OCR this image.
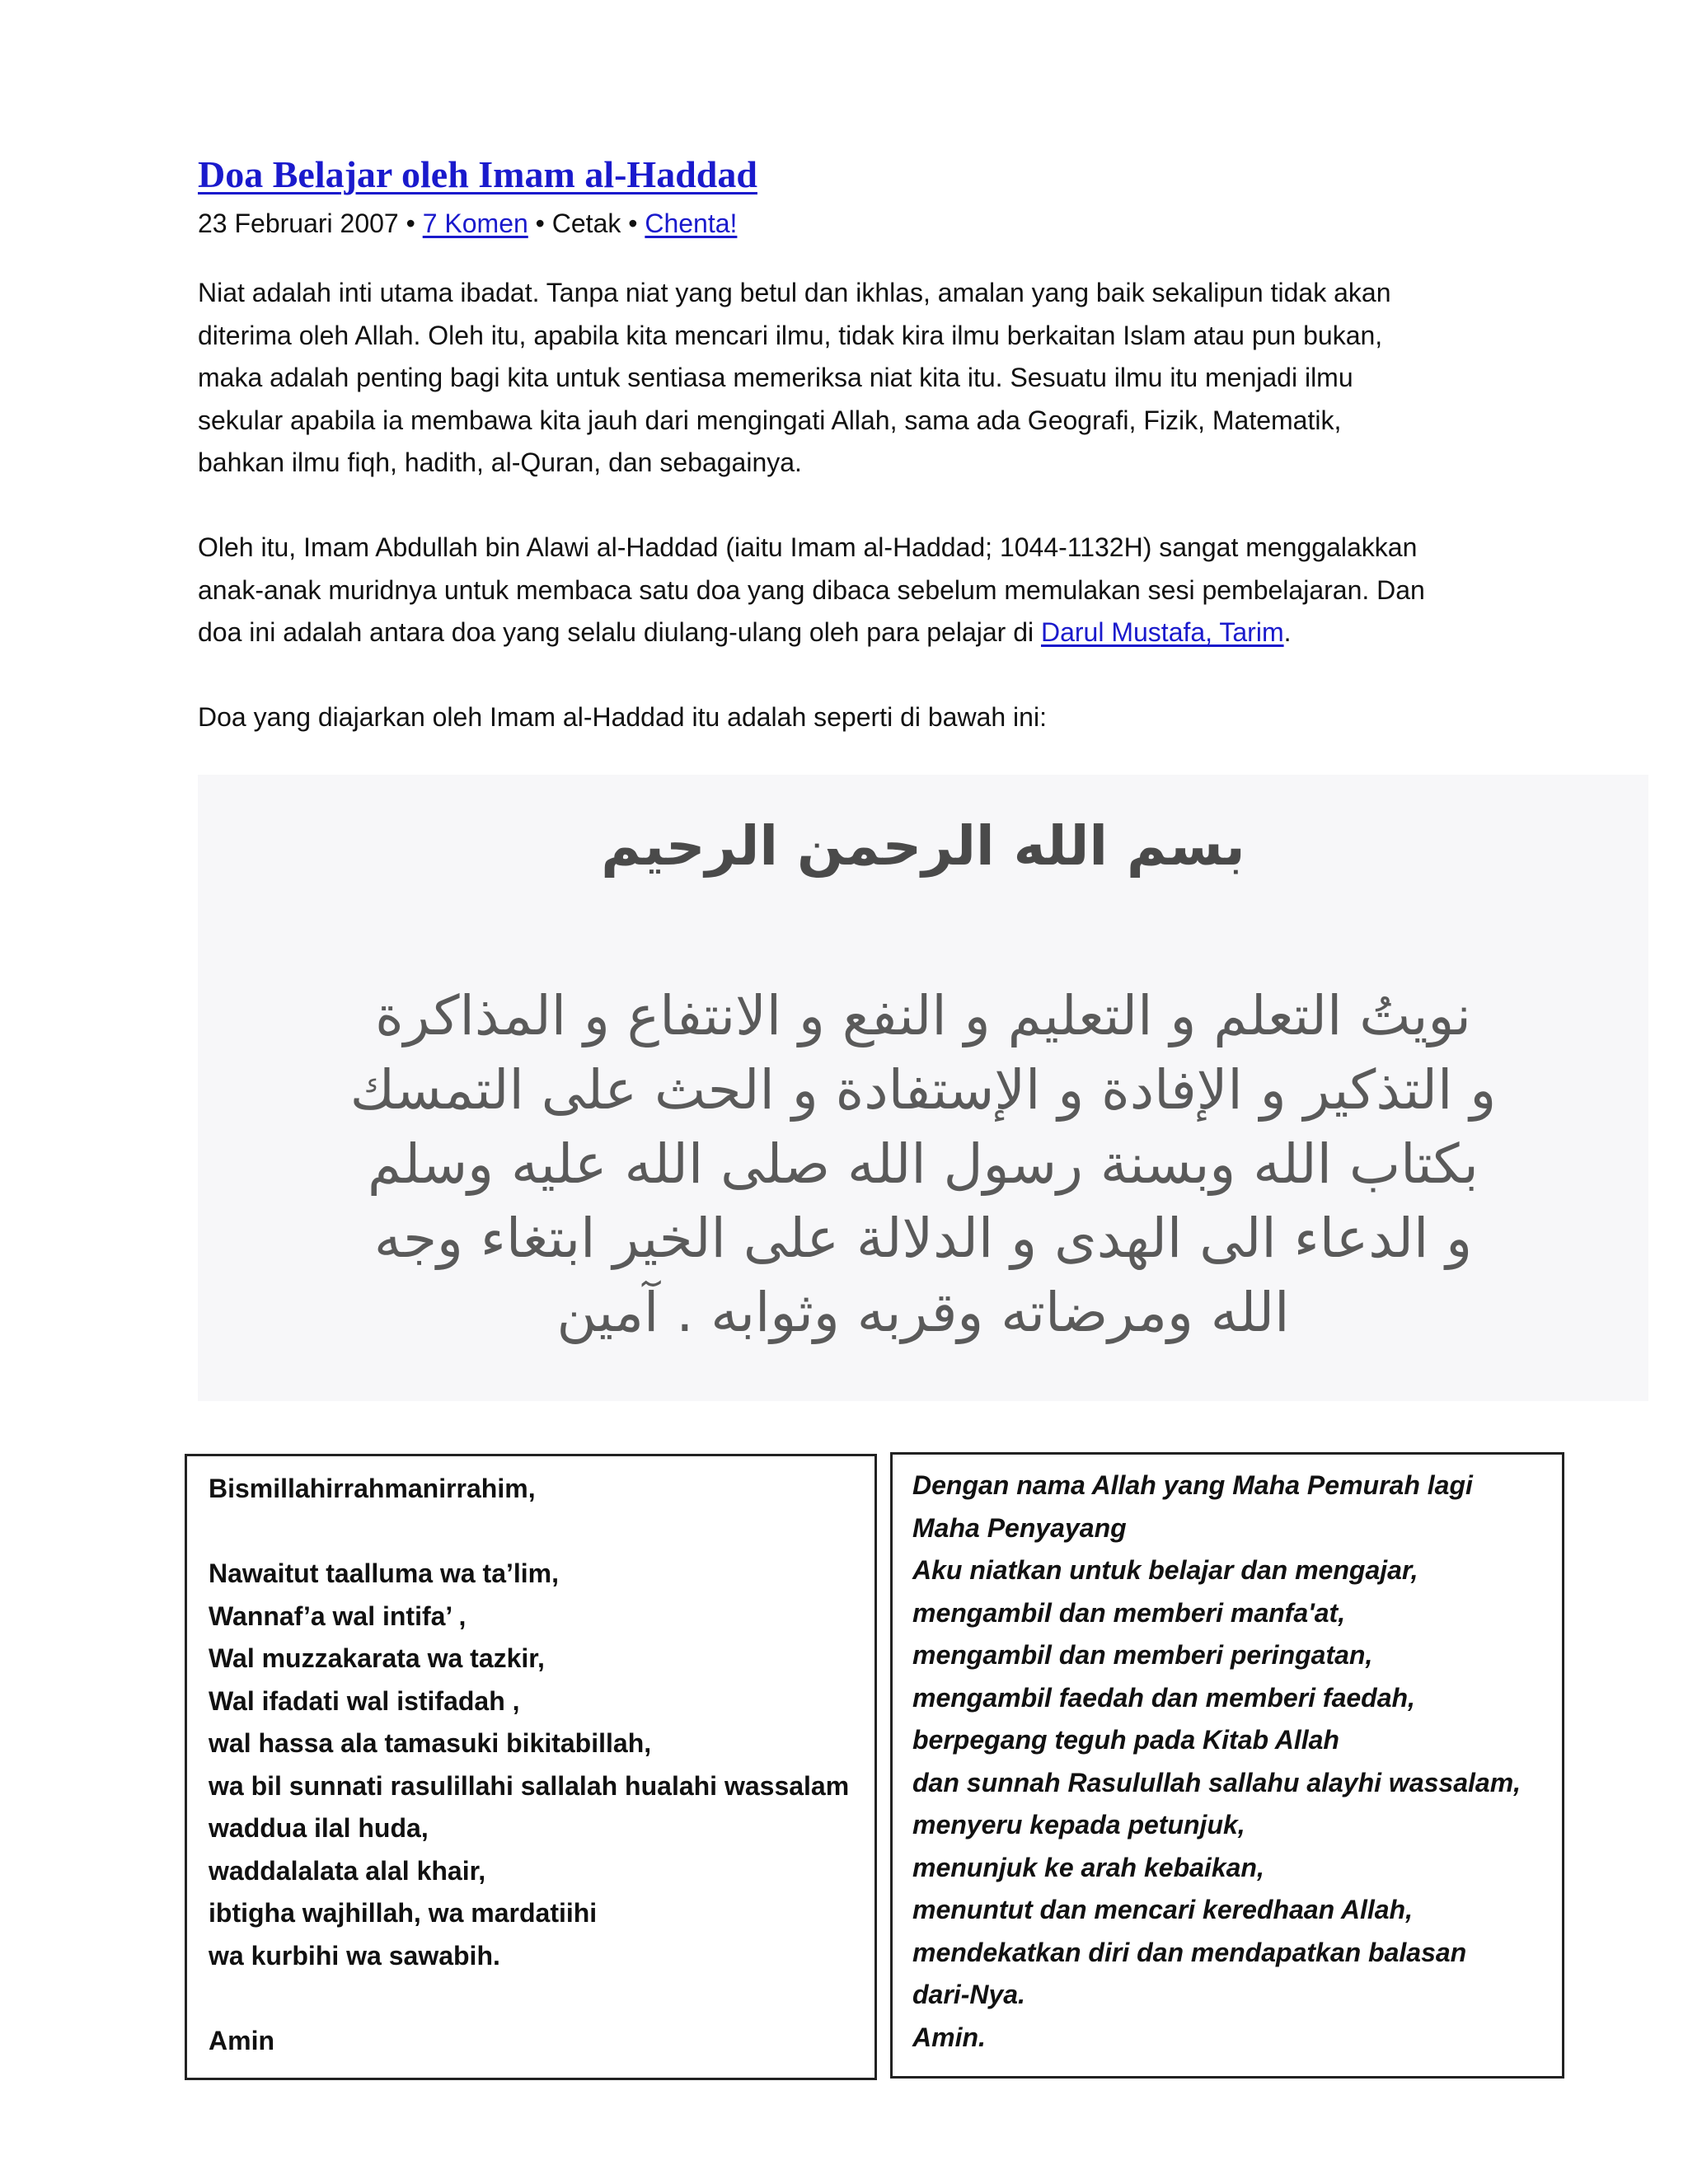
Doa Belajar oleh Imam al-Haddad
23 Februari 2007 • 7 Komen • Cetak • Chenta!

Niat adalah inti utama ibadat. Tanpa niat yang betul dan ikhlas, amalan yang baik sekalipun tidak akan
diterima oleh Allah. Oleh itu, apabila kita mencari ilmu, tidak kira ilmu berkaitan Islam atau pun bukan,
maka adalah penting bagi kita untuk sentiasa memeriksa niat kita itu. Sesuatu ilmu itu menjadi ilmu
sekular apabila ia membawa kita jauh dari mengingati Allah, sama ada Geografi, Fizik, Matematik,
bahkan ilmu fiqh, hadith, al-Quran, dan sebagainya.

Oleh itu, Imam Abdullah bin Alawi al-Haddad (iaitu Imam al-Haddad; 1044-1132H) sangat menggalakkan
anak-anak muridnya untuk membaca satu doa yang dibaca sebelum memulakan sesi pembelajaran. Dan
doa ini adalah antara doa yang selalu diulang-ulang oleh para pelajar di Darul Mustafa, Tarim.

Doa yang diajarkan oleh Imam al-Haddad itu adalah seperti di bawah ini:

بسم الله الرحمن الرحيم
نويتُ التعلم و التعليم و النفع و الانتفاع و المذاكرة
و التذكير و الإفادة و الإستفادة و الحث على التمسك
بكتاب الله وبسنة رسول الله صلى الله عليه وسلم
و الدعاء الى الهدى و الدلالة على الخير ابتغاء وجه
الله ومرضاته وقربه وثوابه . آمين
Bismillahirrahmanirrahim,
Nawaitut taalluma wa ta’lim,
Wannaf’a wal intifa’ ,
Wal muzzakarata wa tazkir,
Wal ifadati wal istifadah ,
wal hassa ala tamasuki bikitabillah,
wa bil sunnati rasulillahi sallalah hualahi wassalam
waddua ilal huda,
waddalalata alal khair,
ibtigha wajhillah, wa mardatiihi
wa kurbihi wa sawabih.
Amin
Dengan nama Allah yang Maha Pemurah lagi
Maha Penyayang
Aku niatkan untuk belajar dan mengajar,
mengambil dan memberi manfa'at,
mengambil dan memberi peringatan,
mengambil faedah dan memberi faedah,
berpegang teguh pada Kitab Allah
dan sunnah Rasulullah sallahu alayhi wassalam,
menyeru kepada petunjuk,
menunjuk ke arah kebaikan,
menuntut dan mencari keredhaan Allah,
mendekatkan diri dan mendapatkan balasan
dari-Nya.
Amin.
